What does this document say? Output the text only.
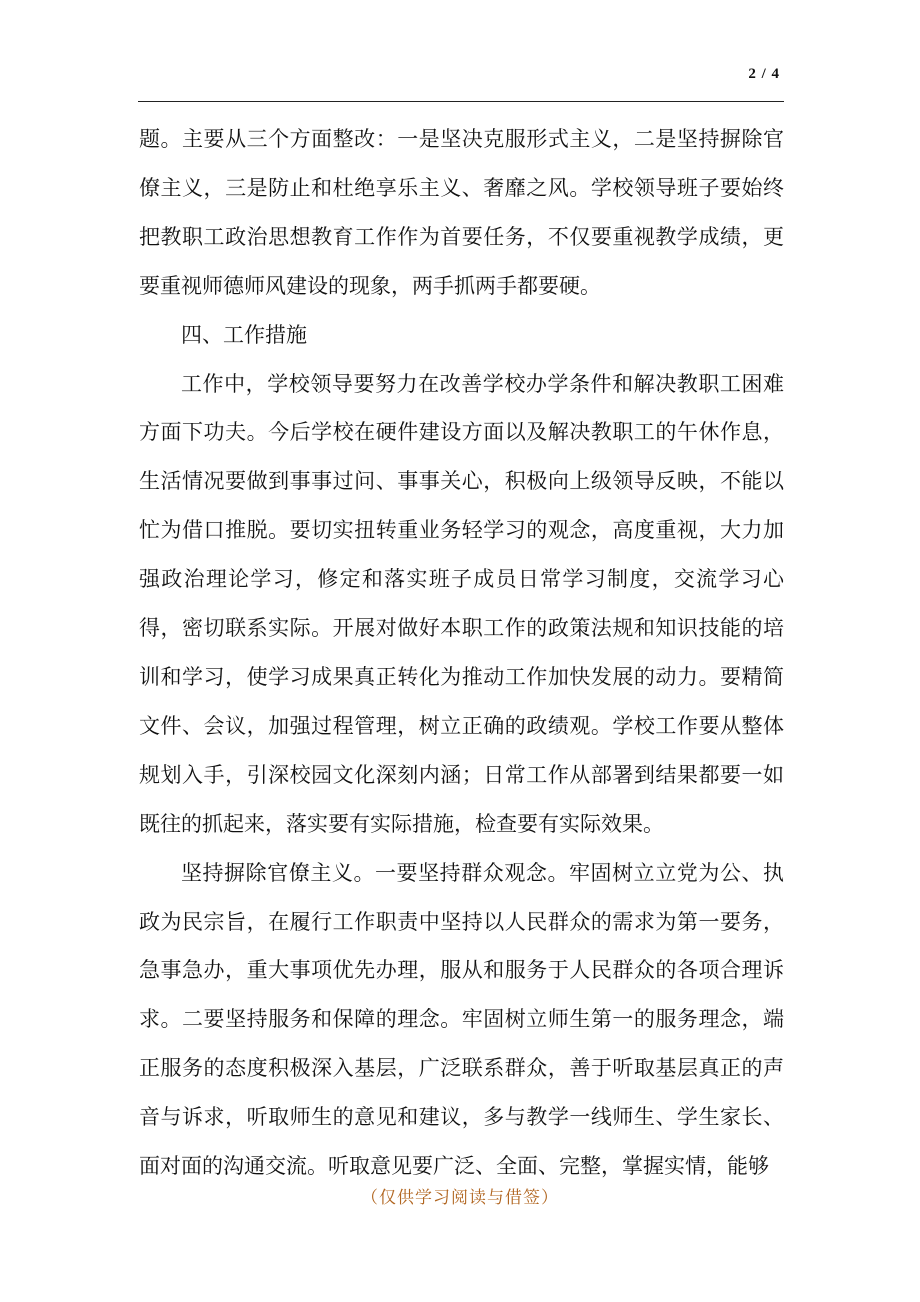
2 / 4

题。主要从三个方面整改：一是坚决克服形式主义，二是坚持摒除官僚主义，三是防止和杜绝享乐主义、奢靡之风。学校领导班子要始终把教职工政治思想教育工作作为首要任务，不仅要重视教学成绩，更要重视师德师风建设的现象，两手抓两手都要硬。

四、工作措施

工作中，学校领导要努力在改善学校办学条件和解决教职工困难方面下功夫。今后学校在硬件建设方面以及解决教职工的午休作息，生活情况要做到事事过问、事事关心，积极向上级领导反映，不能以忙为借口推脱。要切实扭转重业务轻学习的观念，高度重视，大力加强政治理论学习，修定和落实班子成员日常学习制度，交流学习心得，密切联系实际。开展对做好本职工作的政策法规和知识技能的培训和学习，使学习成果真正转化为推动工作加快发展的动力。要精简文件、会议，加强过程管理，树立正确的政绩观。学校工作要从整体规划入手，引深校园文化深刻内涵；日常工作从部署到结果都要一如既往的抓起来，落实要有实际措施，检查要有实际效果。

坚持摒除官僚主义。一要坚持群众观念。牢固树立立党为公、执政为民宗旨，在履行工作职责中坚持以人民群众的需求为第一要务，急事急办，重大事项优先办理，服从和服务于人民群众的各项合理诉求。二要坚持服务和保障的理念。牢固树立师生第一的服务理念，端正服务的态度积极深入基层，广泛联系群众，善于听取基层真正的声音与诉求，听取师生的意见和建议，多与教学一线师生、学生家长、面对面的沟通交流。听取意见要广泛、全面、完整，掌握实情，能够

（仅供学习阅读与借签）
